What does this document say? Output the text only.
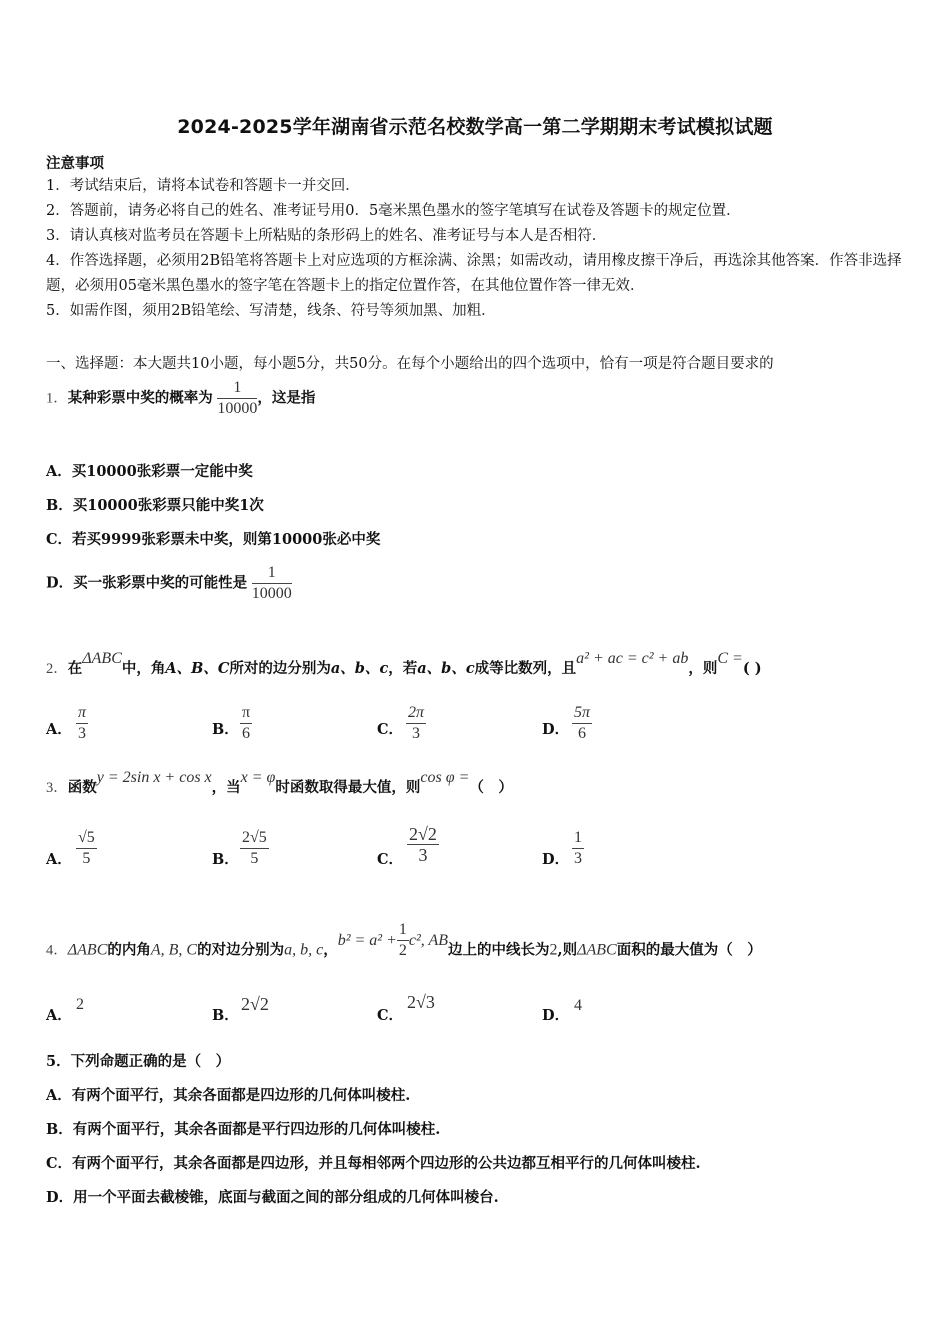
2024-2025学年湖南省示范名校数学高一第二学期期末考试模拟试题
注意事项
1．考试结束后，请将本试卷和答题卡一并交回．
2．答题前，请务必将自己的姓名、准考证号用0．5毫米黑色墨水的签字笔填写在试卷及答题卡的规定位置．
3．请认真核对监考员在答题卡上所粘贴的条形码上的姓名、准考证号与本人是否相符．
4．作答选择题，必须用2B铅笔将答题卡上对应选项的方框涂满、涂黑；如需改动，请用橡皮擦干净后，再选涂其他答案．作答非选择题，必须用05毫米黑色墨水的签字笔在答题卡上的指定位置作答，在其他位置作答一律无效．
5．如需作图，须用2B铅笔绘、写清楚，线条、符号等须加黑、加粗．
一、选择题：本大题共10小题，每小题5分，共50分。在每个小题给出的四个选项中，恰有一项是符合题目要求的
1．某种彩票中奖的概率为 $\frac{1}{10000}$ ，这是指
A．买10000张彩票一定能中奖
B．买10000张彩票只能中奖1次
C．若买9999张彩票未中奖，则第10000张必中奖
D．买一张彩票中奖的可能性是 $\frac{1}{10000}$
2．在ΔABC中，角A、B、C所对的边分别为a、b、c，若a、b、c成等比数列，且a² + ac = c² + ab，则C =( )
A． $\frac{\pi}{3}$	B． $\frac{\pi}{6}$	C． $\frac{2\pi}{3}$	D． $\frac{5\pi}{6}$
3．函数y = 2sin x + cos x，当x = φ时函数取得最大值，则cos φ =（　）
A． $\frac{√5}{5}$	B． $\frac{2√5}{5}$	C． $\frac{2√2}{3}$	D． $\frac{1}{3}$
4．ΔABC的内角A, B, C的对边分别为a, b, c，$b^2 = a^2 + \frac{1}{2} c^2$, AB边上的中线长为2,则ΔABC面积的最大值为（　）
A．
2
B．
2√2
C．
2√3
D．
4
5．下列命题正确的是（　）
A．有两个面平行，其余各面都是四边形的几何体叫棱柱.
B．有两个面平行，其余各面都是平行四边形的几何体叫棱柱.
C．有两个面平行，其余各面都是四边形，并且每相邻两个四边形的公共边都互相平行的几何体叫棱柱.
D．用一个平面去截棱锥，底面与截面之间的部分组成的几何体叫棱台.
